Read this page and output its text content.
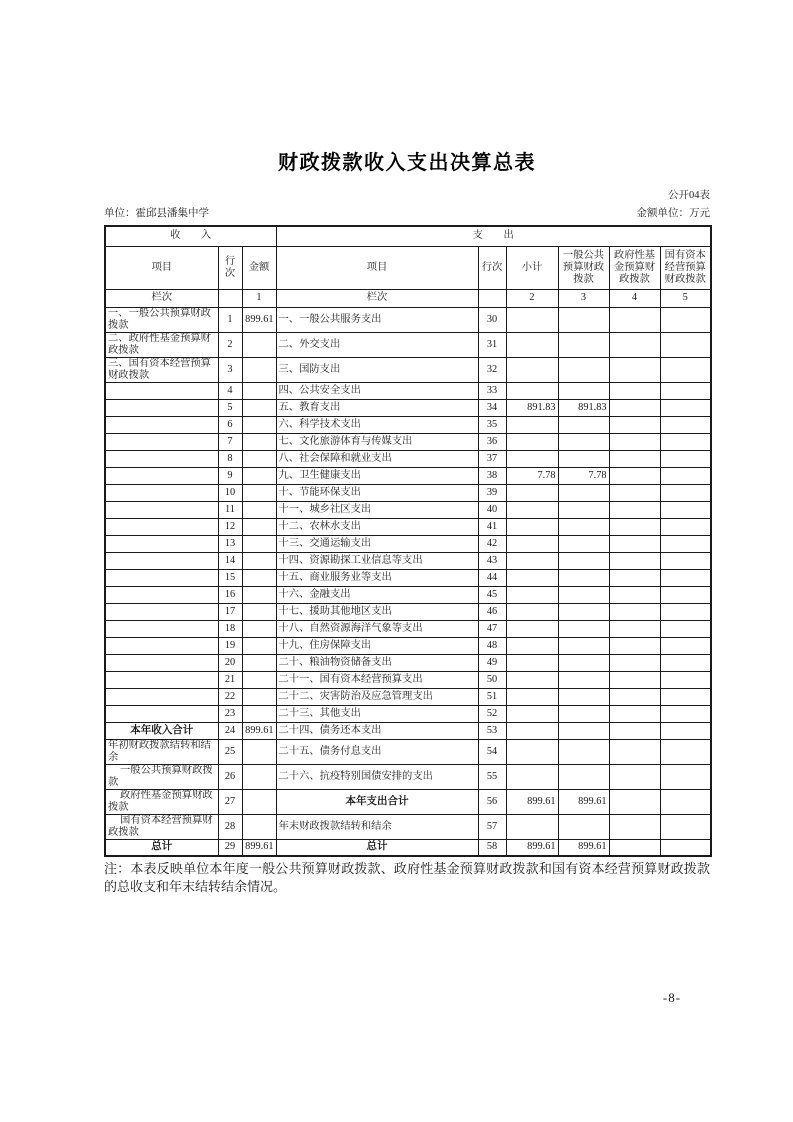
财政拨款收入支出决算总表
公开04表
单位：霍邱县潘集中学	金额单位：万元
收　　入			支　　出					
项目	行次	金额	项目	行次	小计	一般公共预算财政拨款	政府性基金预算财政拨款	国有资本经营预算财政拨款
栏次		1	栏次		2	3	4	5
一、一般公共预算财政拨款	1	899.61	一、一般公共服务支出	30				
二、政府性基金预算财政拨款	2		二、外交支出	31				
三、国有资本经营预算财政拨款	3		三、国防支出	32				
	4		四、公共安全支出	33				
	5		五、教育支出	34	891.83	891.83		
	6		六、科学技术支出	35				
	7		七、文化旅游体育与传媒支出	36				
	8		八、社会保障和就业支出	37				
	9		九、卫生健康支出	38	7.78	7.78		
	10		十、节能环保支出	39				
	11		十一、城乡社区支出	40				
	12		十二、农林水支出	41				
	13		十三、交通运输支出	42				
	14		十四、资源勘探工业信息等支出	43				
	15		十五、商业服务业等支出	44				
	16		十六、金融支出	45				
	17		十七、援助其他地区支出	46				
	18		十八、自然资源海洋气象等支出	47				
	19		十九、住房保障支出	48				
	20		二十、粮油物资储备支出	49				
	21		二十一、国有资本经营预算支出	50				
	22		二十二、灾害防治及应急管理支出	51				
	23		二十三、其他支出	52				
本年收入合计	24	899.61	二十四、债务还本支出	53				
年初财政拨款结转和结余	25		二十五、债务付息支出	54				
一般公共预算财政拨款	26		二十六、抗疫特别国债安排的支出	55				
政府性基金预算财政拨款	27		本年支出合计	56	899.61	899.61		
国有资本经营预算财政拨款	28		年末财政拨款结转和结余	57				
总计	29	899.61	总计	58	899.61	899.61		
注：本表反映单位本年度一般公共预算财政拨款、政府性基金预算财政拨款和国有资本经营预算财政拨款的总收支和年末结转结余情况。
-8-
